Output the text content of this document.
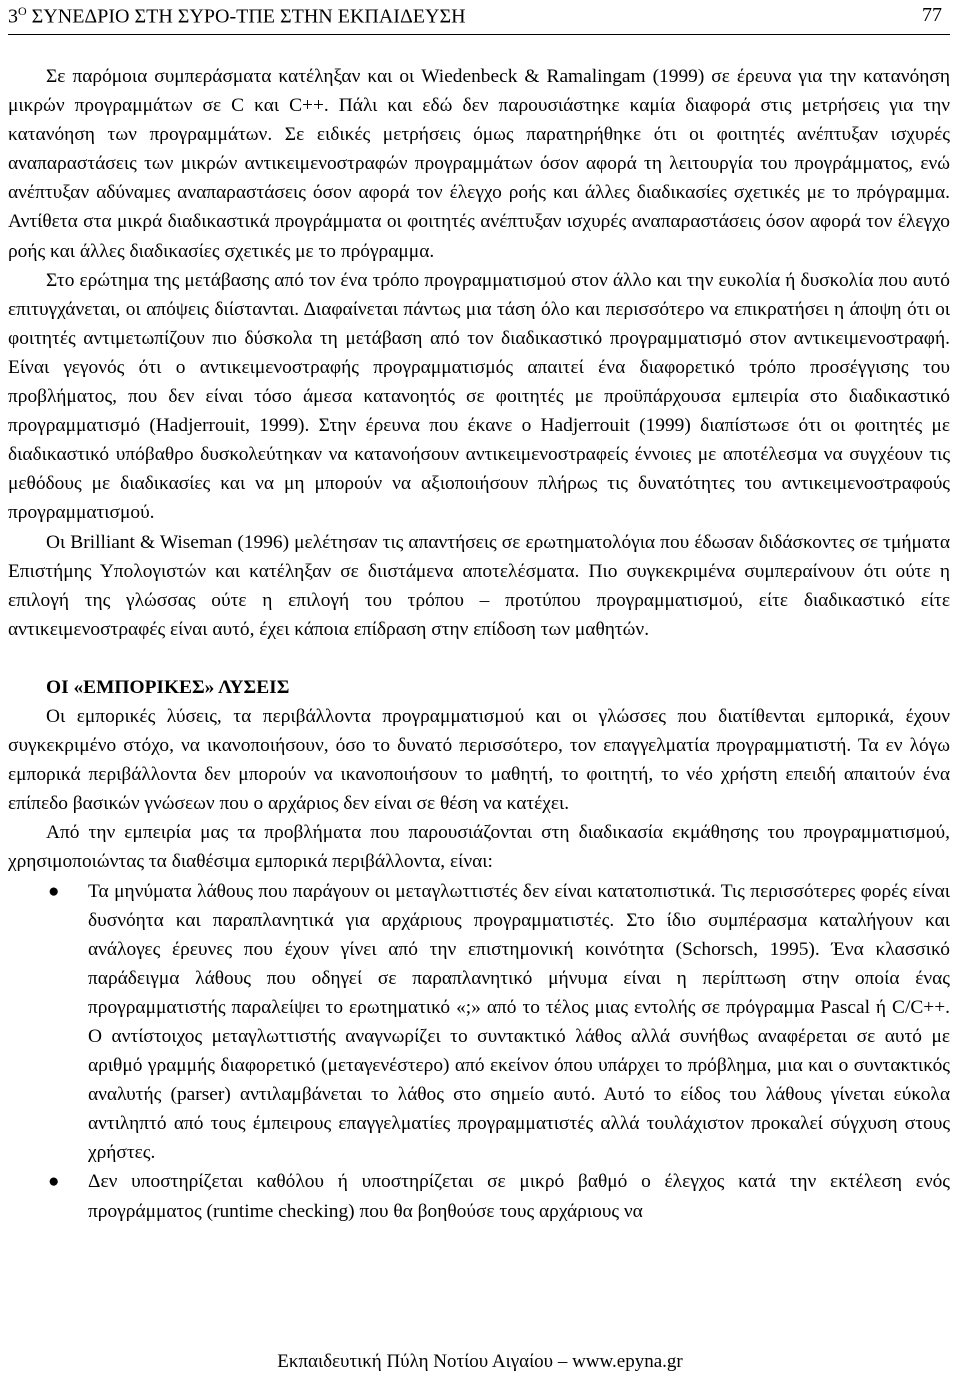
$3^O$ ΣΥΝΕΔΡΙΟ ΣΤΗ ΣΥΡΟ-ΤΠΕ ΣΤΗΝ ΕΚΠΑΙΔΕΥΣΗ	77

Σε παρόμοια συμπεράσματα κατέληξαν και οι Wiedenbeck & Ramalingam (1999) σε έρευνα για την κατανόηση μικρών προγραμμάτων σε C και C++. Πάλι και εδώ δεν παρουσιάστηκε καμία διαφορά στις μετρήσεις για την κατανόηση των προγραμμάτων. Σε ειδικές μετρήσεις όμως παρατηρήθηκε ότι οι φοιτητές ανέπτυξαν ισχυρές αναπαραστάσεις των μικρών αντικειμενοστραφών προγραμμάτων όσον αφορά τη λειτουργία του προγράμματος, ενώ ανέπτυξαν αδύναμες αναπαραστάσεις όσον αφορά τον έλεγχο ροής και άλλες διαδικασίες σχετικές με το πρόγραμμα. Αντίθετα στα μικρά διαδικαστικά προγράμματα οι φοιτητές ανέπτυξαν ισχυρές αναπαραστάσεις όσον αφορά τον έλεγχο ροής και άλλες διαδικασίες σχετικές με το πρόγραμμα.

Στο ερώτημα της μετάβασης από τον ένα τρόπο προγραμματισμού στον άλλο και την ευκολία ή δυσκολία που αυτό επιτυγχάνεται, οι απόψεις διίστανται. Διαφαίνεται πάντως μια τάση όλο και περισσότερο να επικρατήσει η άποψη ότι οι φοιτητές αντιμετωπίζουν πιο δύσκολα τη μετάβαση από τον διαδικαστικό προγραμματισμό στον αντικειμενοστραφή. Είναι γεγονός ότι ο αντικειμενοστραφής προγραμματισμός απαιτεί ένα διαφορετικό τρόπο προσέγγισης του προβλήματος, που δεν είναι τόσο άμεσα κατανοητός σε φοιτητές με προϋπάρχουσα εμπειρία στο διαδικαστικό προγραμματισμό (Hadjerrouit, 1999). Στην έρευνα που έκανε ο Hadjerrouit (1999) διαπίστωσε ότι οι φοιτητές με διαδικαστικό υπόβαθρο δυσκολεύτηκαν να κατανοήσουν αντικειμενοστραφείς έννοιες με αποτέλεσμα να συγχέουν τις μεθόδους με διαδικασίες και να μη μπορούν να αξιοποιήσουν πλήρως τις δυνατότητες του αντικειμενοστραφούς προγραμματισμού.

Οι Brilliant & Wiseman (1996) μελέτησαν τις απαντήσεις σε ερωτηματολόγια που έδωσαν διδάσκοντες σε τμήματα Επιστήμης Υπολογιστών και κατέληξαν σε διιστάμενα αποτελέσματα. Πιο συγκεκριμένα συμπεραίνουν ότι ούτε η επιλογή της γλώσσας ούτε η επιλογή του τρόπου – προτύπου προγραμματισμού, είτε διαδικαστικό είτε αντικειμενοστραφές είναι αυτό, έχει κάποια επίδραση στην επίδοση των μαθητών.

ΟΙ «ΕΜΠΟΡΙΚΕΣ» ΛΥΣΕΙΣ

Οι εμπορικές λύσεις, τα περιβάλλοντα προγραμματισμού και οι γλώσσες που διατίθενται εμπορικά, έχουν συγκεκριμένο στόχο, να ικανοποιήσουν, όσο το δυνατό περισσότερο, τον επαγγελματία προγραμματιστή. Τα εν λόγω εμπορικά περιβάλλοντα δεν μπορούν να ικανοποιήσουν το μαθητή, το φοιτητή, το νέο χρήστη επειδή απαιτούν ένα επίπεδο βασικών γνώσεων που ο αρχάριος δεν είναι σε θέση να κατέχει.

Από την εμπειρία μας τα προβλήματα που παρουσιάζονται στη διαδικασία εκμάθησης του προγραμματισμού, χρησιμοποιώντας τα διαθέσιμα εμπορικά περιβάλλοντα, είναι:

● Τα μηνύματα λάθους που παράγουν οι μεταγλωττιστές δεν είναι κατατοπιστικά. Τις περισσότερες φορές είναι δυσνόητα και παραπλανητικά για αρχάριους προγραμματιστές. Στο ίδιο συμπέρασμα καταλήγουν και ανάλογες έρευνες που έχουν γίνει από την επιστημονική κοινότητα (Schorsch, 1995). Ένα κλασσικό παράδειγμα λάθους που οδηγεί σε παραπλανητικό μήνυμα είναι η περίπτωση στην οποία ένας προγραμματιστής παραλείψει το ερωτηματικό «;» από το τέλος μιας εντολής σε πρόγραμμα Pascal ή C/C++. Ο αντίστοιχος μεταγλωττιστής αναγνωρίζει το συντακτικό λάθος αλλά συνήθως αναφέρεται σε αυτό με αριθμό γραμμής διαφορετικό (μεταγενέστερο) από εκείνον όπου υπάρχει το πρόβλημα, μια και ο συντακτικός αναλυτής (parser) αντιλαμβάνεται το λάθος στο σημείο αυτό. Αυτό το είδος του λάθους γίνεται εύκολα αντιληπτό από τους έμπειρους επαγγελματίες προγραμματιστές αλλά τουλάχιστον προκαλεί σύγχυση στους χρήστες.
● Δεν υποστηρίζεται καθόλου ή υποστηρίζεται σε μικρό βαθμό ο έλεγχος κατά την εκτέλεση ενός προγράμματος (runtime checking) που θα βοηθούσε τους αρχάριους να
Εκπαιδευτική Πύλη Νοτίου Αιγαίου – www.epyna.gr
